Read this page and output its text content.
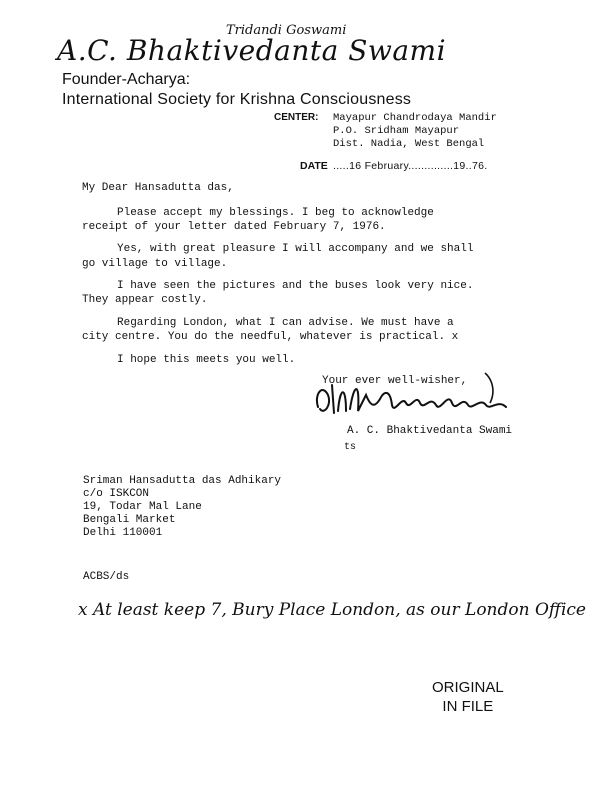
Tridandi Goswami
A.C. Bhaktivedanta Swami
Founder-Acharya:
International Society for Krishna Consciousness
CENTER: Mayapur Chandrodaya Mandir
P.O. Sridham Mayapur
Dist. Nadia, West Bengal
DATE .....16 February..............19..76.
My Dear Hansadutta das,
Please accept my blessings. I beg to acknowledge
receipt of your letter dated February 7, 1976.
Yes, with great pleasure I will accompany and we shall
go village to village.
I have seen the pictures and the buses look very nice.
They appear costly.
Regarding London, what I can advise. We must have a
city centre. You do the needful, whatever is practical. x
I hope this meets you well.
Your ever well-wisher,
A. C. Bhaktivedanta Swami
ts
Sriman Hansadutta das Adhikary
c/o ISKCON
19, Todar Mal Lane
Bengali Market
Delhi 110001
ACBS/ds
x At least keep 7, Bury Place London, as our London Office
ORIGINAL
IN FILE
